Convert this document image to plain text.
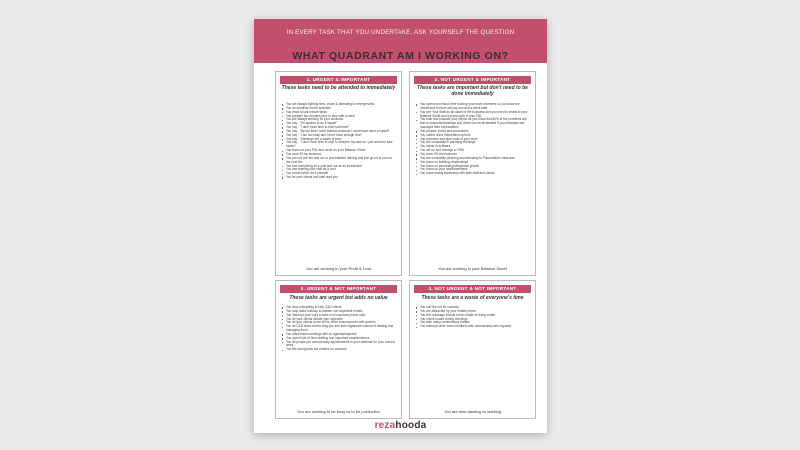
IN EVERY TASK THAT YOU UNDERTAKE, ASK YOURSELF THE QUESTION
WHAT QUADRANT AM I WORKING ON?
1. URGENT & IMPORTANT
These tasks need to be attended to immediately
You are always fighting fires, crises & attending to emergencies
You do deadline driven activities
You react to last minute tasks
You prepare two minutes face to face with a client
You are always working IN your business
You say - "It's quicker to do it myself"
You say - "I don't have time to train someone"
You say - "By the time I have trained someone I could have done it myself"
You say - "I am too busy and I don't have enough time"
You say - "Meetings are a waste of time"
You say - "I don't have time to stop to sharpen my saw so I just work the saw harder"
You focus on your P&L and never on your Balance Sheet
You work IN my business
You put out one fire and do no preventative training and just go on to put out the next fire
You see everything as a cost and not as an investment
You see training your staff as a cost
You would rather do it yourself
You let your clients and staff lead you
You are working in your Profit & Loss
2. NOT URGENT & IMPORTANT
These tasks are important but don't need to be done immediately
You spend enormous time training your team members so you know the investment in them will pay you and a client later
You see Your Staff as an asset of the business and you need to invest in your Balance Sheet and not just work in your P&L
You train and educate your clients as you know that 80% of the problems are due to misunderstandings and these can be eliminated if you educated and managed their expectations
You prepare policy and procedures
You collect client information upfront
You schedule and plan most of your work
You are constantly in planning meetings
You invest in software
You set up and manage a CRM
You work ON the business
You are constantly planning and attending to Preventative measures
You focus on building relationships
You focus on personal/professional growth
You focus on your health/wellness
You show strong leadership with both staff and clients
You are working in your Balance Sheet
3. URGENT & NOT IMPORTANT
These tasks are urgent but adds no value
You drop everything to help C&D clients
You stop tasks midway to answer non important emails
You interrupt your work to take non important phone calls
You let your clients dictate your schedule
You let your clients arrive at the office unannounced with queries
You let C&D class clients drag you into their nightmare instead of leading and managing them
You attend/hold meetings with no agenda/objective
You spend lots of time drafting non important emails/memos
You let people put unnecessary appointments in your calendar for your current week
You like being busy but creates no outcome
You are working to be busy vs to be productive
4. NOT URGENT & NOT IMPORTANT
These tasks are a waste of everyone's time
You surf the net for curiosity
You are distracted by your mobile phone
You text message friends in the middle of doing a task
You check emails during meetings
You take many unnecessary breaks
You interrupt other team members with unnecessary talk regularly
You are time wasting vs working
rezahooda
